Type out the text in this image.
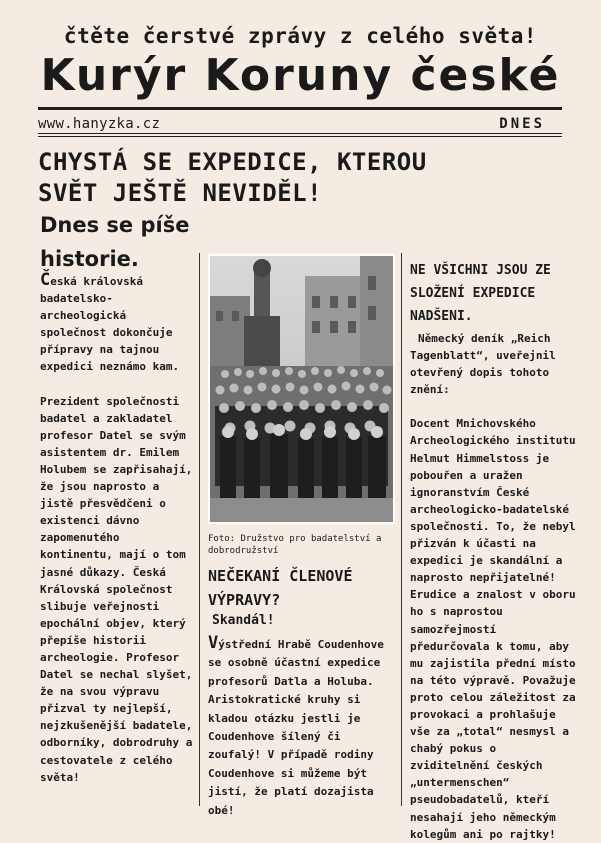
čtěte čerstvé zprávy z celého světa!
Kurýr Koruny české
www.hanyzka.cz	DNES
CHYSTÁ SE EXPEDICE, KTEROU
SVĚT JEŠTĚ NEVIDĚL!
Dnes se píše
historie.

Česká královská badatelsko-archeologická společnost dokončuje přípravy na tajnou expedici neznámo kam.

Prezident společnosti badatel a zakladatel profesor Datel se svým asistentem dr. Emilem Holubem se zapřisahají, že jsou naprosto a jistě přesvědčeni o existenci dávno zapomenutého kontinentu, mají o tom jasné důkazy. Česká Královská společnost slibuje veřejnosti epochální objev, který přepíše historii archeologie. Profesor Datel se nechal slyšet, že na svou výpravu přizval ty nejlepší, nejzkušenější badatele, odborníky, dobrodruhy a cestovatele z celého světa!

Foto: Družstvo pro badatelství a dobrodružství
NEČEKANÍ ČLENOVÉ VÝPRAVY?
Skandál!

Výstřední Hrabě Coudenhove se osobně účastní expedice profesorů Datla a Holuba. Aristokratické kruhy si kladou otázku jestli je Coudenhove šílený či zoufalý! V případě rodiny Coudenhove si můžeme být jistí, že platí dozajista obé!

NE VŠICHNI JSOU ZE SLOŽENÍ EXPEDICE NADŠENI.

Německý deník „Reich Tagenblatt“, uveřejnil otevřený dopis tohoto znění:

Docent Mnichovského Archeologického institutu Helmut Himmelstoss je pobouřen a uražen ignoranstvím České archeologicko-badatelské společnosti. To, že nebyl přizván k účasti na expedici je skandální a naprosto nepřijatelné! Erudice a znalost v oboru ho s naprostou samozřejmostí předurčovala k tomu, aby mu zajistila přední místo na této výpravě. Považuje proto celou záležitost za provokaci a prohlašuje vše za „total“ nesmysl a chabý pokus o zviditelnění českých „untermenschen“ pseudobadatelů, kteří nesahají jeho německým kolegům ani po rajtky!
